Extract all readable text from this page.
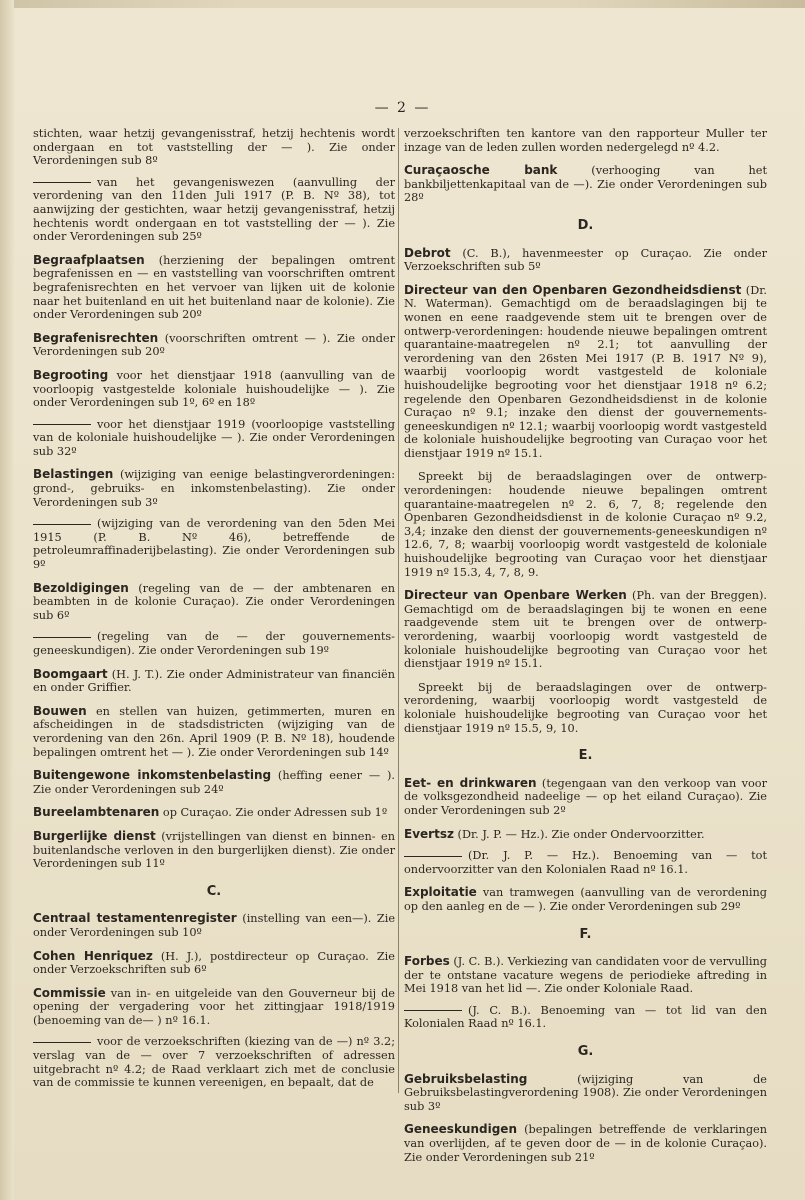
— 2 —

stichten, waar hetzij gevangenisstraf, hetzij hechtenis wordt ondergaan en tot vaststelling der — ). Zie onder Verordeningen sub 8º

van het gevangeniswezen (aanvulling der verordening van den 11den Juli 1917 (P. B. Nº 38), tot aanwijzing der gestichten, waar hetzij gevangenisstraf, hetzij hechtenis wordt ondergaan en tot vaststelling der — ). Zie onder Verordeningen sub 25º

Begraafplaatsen (herziening der bepalingen omtrent begrafenissen en — en vaststelling van voorschriften omtrent begrafenisrechten en het vervoer van lijken uit de kolonie naar het buitenland en uit het buitenland naar de kolonie). Zie onder Verordeningen sub 20º

Begrafenisrechten (voorschriften omtrent — ). Zie onder Verordeningen sub 20º

Begrooting voor het dienstjaar 1918 (aanvulling van de voorloopig vastgestelde koloniale huishoudelijke — ). Zie onder Verordeningen sub 1º, 6º en 18º

voor het dienstjaar 1919 (voorloopige vaststelling van de koloniale huishoudelijke — ). Zie onder Verordeningen sub 32º

Belastingen (wijziging van eenige belastingverordeningen: grond-, gebruiks- en inkomstenbelasting). Zie onder Verordeningen sub 3º

(wijziging van de verordening van den 5den Mei 1915 (P. B. Nº 46), betreffende de petroleumraffinaderijbelasting). Zie onder Verordeningen sub 9º

Bezoldigingen (regeling van de — der ambtenaren en beambten in de kolonie Curaçao). Zie onder Verordeningen sub 6º

(regeling van de — der gouvernements-geneeskundigen). Zie onder Verordeningen sub 19º

Boomgaart (H. J. T.). Zie onder Administrateur van financiën en onder Griffier.

Bouwen en stellen van huizen, getimmerten, muren en afscheidingen in de stadsdistricten (wijziging van de verordening van den 26n. April 1909 (P. B. Nº 18), houdende bepalingen omtrent het — ). Zie onder Verordeningen sub 14º

Buitengewone inkomstenbelasting (heffing eener — ). Zie onder Verordeningen sub 24º

Bureelambtenaren op Curaçao. Zie onder Adressen sub 1º

Burgerlijke dienst (vrijstellingen van dienst en binnen- en buitenlandsche verloven in den burgerlijken dienst). Zie onder Verordeningen sub 11º

C.

Centraal testamentenregister (instelling van een—). Zie onder Verordeningen sub 10º

Cohen Henriquez (H. J.), postdirecteur op Curaçao. Zie onder Verzoekschriften sub 6º

Commissie van in- en uitgeleide van den Gouverneur bij de opening der vergadering voor het zittingjaar 1918/1919 (benoeming van de— ) nº 16.1.

voor de verzoekschriften (kiezing van de —) nº 3.2; verslag van de — over 7 verzoekschriften of adressen uitgebracht nº 4.2; de Raad verklaart zich met de conclusie van de commissie te kunnen vereenigen, en bepaalt, dat de

verzoekschriften ten kantore van den rapporteur Muller ter inzage van de leden zullen worden nedergelegd nº 4.2.

Curaçaosche bank	(verhooging van het bankbiljettenkapitaal van de —). Zie onder Verordeningen sub 28º

D.

Debrot (C. B.), havenmeester op Curaçao. Zie onder Verzoekschriften sub 5º

Directeur van den Openbaren Gezondheidsdienst (Dr. N. Waterman). Gemachtigd om de beraadslagingen bij te wonen en eene raadgevende stem uit te brengen over de ontwerp-verordeningen: houdende nieuwe bepalingen omtrent quarantaine-maatregelen nº 2.1; tot aanvulling der verordening van den 26sten Mei 1917 (P. B. 1917 Nº 9), waarbij voorloopig wordt vastgesteld de koloniale huishoudelijke begrooting voor het dienstjaar 1918 nº 6.2; regelende den Openbaren Gezondheidsdienst in de kolonie Curaçao nº 9.1; inzake den dienst der gouvernements-geneeskundigen nº 12.1; waarbij voorloopig wordt vastgesteld de koloniale huishoudelijke begrooting van Curaçao voor het dienstjaar 1919 nº 15.1.

Spreekt bij de beraadslagingen over de ontwerp-verordeningen: houdende nieuwe bepalingen omtrent quarantaine-maatregelen nº 2. 6, 7, 8; regelende den Openbaren Gezondheidsdienst in de kolonie Curaçao nº 9.2, 3,4; inzake den dienst der gouvernements-geneeskundigen nº 12.6, 7, 8; waarbij voorloopig wordt vastgesteld de koloniale huishoudelijke begrooting van Curaçao voor het dienstjaar 1919 nº 15.3, 4, 7, 8, 9.

Directeur van Openbare Werken (Ph. van der Breggen). Gemachtigd om de beraadslagingen bij te wonen en eene raadgevende stem uit te brengen over de ontwerp-verordening, waarbij voorloopig wordt vastgesteld de koloniale huishoudelijke begrooting van Curaçao voor het dienstjaar 1919 nº 15.1.

Spreekt bij de beraadslagingen over de ontwerp-verordening, waarbij voorloopig wordt vastgesteld de koloniale huishoudelijke begrooting van Curaçao voor het dienstjaar 1919 nº 15.5, 9, 10.

E.

Eet- en drinkwaren (tegengaan van den verkoop van voor de volksgezondheid nadeelige — op het eiland Curaçao). Zie onder Verordeningen sub 2º

Evertsz (Dr. J. P. — Hz.). Zie onder Ondervoorzitter.

(Dr. J. P. — Hz.). Benoeming van — tot ondervoorzitter van den Kolonialen Raad nº 16.1.

Exploitatie van tramwegen (aanvulling van de verordening op den aanleg en de — ). Zie onder Verordeningen sub 29º

F.

Forbes (J. C. B.). Verkiezing van candidaten voor de vervulling der te ontstane vacature wegens de periodieke aftreding in Mei 1918 van het lid —. Zie onder Koloniale Raad.

(J. C. B.). Benoeming van — tot lid van den Kolonialen Raad nº 16.1.

G.

Gebruiksbelasting	(wijziging van de Gebruiksbelastingverordening 1908). Zie onder Verordeningen sub 3º

Geneeskundigen (bepalingen betreffende de verklaringen van overlijden, af te geven door de — in de kolonie Curaçao). Zie onder Verordeningen sub 21º
